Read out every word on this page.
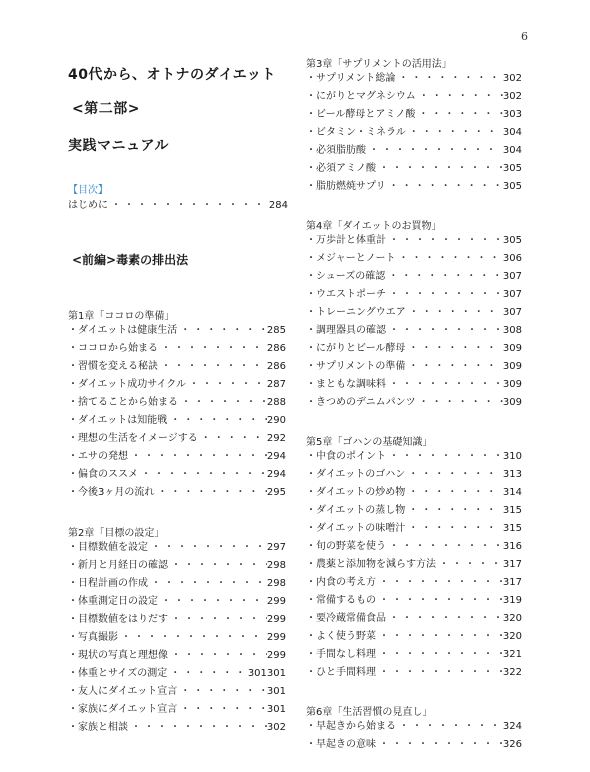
6
40代から、オトナのダイエット
<第二部>
実践マニュアル
【目次】
はじめに ・・・・・・・・・・・・・・・・・・・・・・・・・・・・・・	284
<前編>毒素の排出法
第1章「ココロの準備」
・ダイエットは健康生活 ・・・・・・・・・・・・・・・・・・・・・・・・・・・・・・	285
・ココロから始まる ・・・・・・・・・・・・・・・・・・・・・・・・・・・・・・	286
・習慣を変える秘訣 ・・・・・・・・・・・・・・・・・・・・・・・・・・・・・・	286
・ダイエット成功サイクル ・・・・・・・・・・・・・・・・・・・・・・・・・・・・・・	287
・捨てることから始まる ・・・・・・・・・・・・・・・・・・・・・・・・・・・・・・	288
・ダイエットは知能戦 ・・・・・・・・・・・・・・・・・・・・・・・・・・・・・・	290
・理想の生活をイメージする ・・・・・・・・・・・・・・・・・・・・・・・・・・・・・・	292
・エサの発想 ・・・・・・・・・・・・・・・・・・・・・・・・・・・・・・	294
・偏食のススメ ・・・・・・・・・・・・・・・・・・・・・・・・・・・・・・	294
・今後3ヶ月の流れ ・・・・・・・・・・・・・・・・・・・・・・・・・・・・・・	295
第2章「目標の設定」
・目標数値を設定 ・・・・・・・・・・・・・・・・・・・・・・・・・・・・・・	297
・新月と月経日の確認 ・・・・・・・・・・・・・・・・・・・・・・・・・・・・・・	298
・日程計画の作成 ・・・・・・・・・・・・・・・・・・・・・・・・・・・・・・	298
・体重測定日の設定 ・・・・・・・・・・・・・・・・・・・・・・・・・・・・・・	299
・目標数値をはりだす ・・・・・・・・・・・・・・・・・・・・・・・・・・・・・・	299
・写真撮影 ・・・・・・・・・・・・・・・・・・・・・・・・・・・・・・	299
・現状の写真と理想像 ・・・・・・・・・・・・・・・・・・・・・・・・・・・・・・	299
・体重とサイズの測定 ・・・・・・・・・・・・・・・・・・・・・・・・・・・・・・	301301
・友人にダイエット宣言 ・・・・・・・・・・・・・・・・・・・・・・・・・・・・・・	301
・家族にダイエット宣言 ・・・・・・・・・・・・・・・・・・・・・・・・・・・・・・	301
・家族と相談 ・・・・・・・・・・・・・・・・・・・・・・・・・・・・・・	302
第3章「サプリメントの活用法」
・サプリメント総論 ・・・・・・・・・・・・・・・・・・・・・・・・・・・・・・	302
・にがりとマグネシウム ・・・・・・・・・・・・・・・・・・・・・・・・・・・・・・	302
・ビール酵母とアミノ酸 ・・・・・・・・・・・・・・・・・・・・・・・・・・・・・・	303
・ビタミン・ミネラル ・・・・・・・・・・・・・・・・・・・・・・・・・・・・・・	304
・必須脂肪酸 ・・・・・・・・・・・・・・・・・・・・・・・・・・・・・・	304
・必須アミノ酸 ・・・・・・・・・・・・・・・・・・・・・・・・・・・・・・	305
・脂肪燃焼サプリ ・・・・・・・・・・・・・・・・・・・・・・・・・・・・・・	305
第4章「ダイエットのお買物」
・万歩計と体重計 ・・・・・・・・・・・・・・・・・・・・・・・・・・・・・・	305
・メジャーとノート ・・・・・・・・・・・・・・・・・・・・・・・・・・・・・・	306
・シューズの確認 ・・・・・・・・・・・・・・・・・・・・・・・・・・・・・・	307
・ウエストポーチ ・・・・・・・・・・・・・・・・・・・・・・・・・・・・・・	307
・トレーニングウエア ・・・・・・・・・・・・・・・・・・・・・・・・・・・・・・	307
・調理器具の確認 ・・・・・・・・・・・・・・・・・・・・・・・・・・・・・・	308
・にがりとビール酵母 ・・・・・・・・・・・・・・・・・・・・・・・・・・・・・・	309
・サプリメントの準備 ・・・・・・・・・・・・・・・・・・・・・・・・・・・・・・	309
・まともな調味料 ・・・・・・・・・・・・・・・・・・・・・・・・・・・・・・	309
・きつめのデニムパンツ ・・・・・・・・・・・・・・・・・・・・・・・・・・・・・・	309
第5章「ゴハンの基礎知識」
・中食のポイント ・・・・・・・・・・・・・・・・・・・・・・・・・・・・・・	310
・ダイエットのゴハン ・・・・・・・・・・・・・・・・・・・・・・・・・・・・・・	313
・ダイエットの炒め物 ・・・・・・・・・・・・・・・・・・・・・・・・・・・・・・	314
・ダイエットの蒸し物 ・・・・・・・・・・・・・・・・・・・・・・・・・・・・・・	315
・ダイエットの味噌汁 ・・・・・・・・・・・・・・・・・・・・・・・・・・・・・・	315
・旬の野菜を使う ・・・・・・・・・・・・・・・・・・・・・・・・・・・・・・	316
・農薬と添加物を減らす方法 ・・・・・・・・・・・・・・・・・・・・・・・・・・・・・・	317
・内食の考え方 ・・・・・・・・・・・・・・・・・・・・・・・・・・・・・・	317
・常備するもの ・・・・・・・・・・・・・・・・・・・・・・・・・・・・・・	319
・要冷蔵常備食品 ・・・・・・・・・・・・・・・・・・・・・・・・・・・・・・	320
・よく使う野菜 ・・・・・・・・・・・・・・・・・・・・・・・・・・・・・・	320
・手間なし料理 ・・・・・・・・・・・・・・・・・・・・・・・・・・・・・・	321
・ひと手間料理 ・・・・・・・・・・・・・・・・・・・・・・・・・・・・・・	322
第6章「生活習慣の見直し」
・早起きから始まる ・・・・・・・・・・・・・・・・・・・・・・・・・・・・・・	324
・早起きの意味 ・・・・・・・・・・・・・・・・・・・・・・・・・・・・・・	326
